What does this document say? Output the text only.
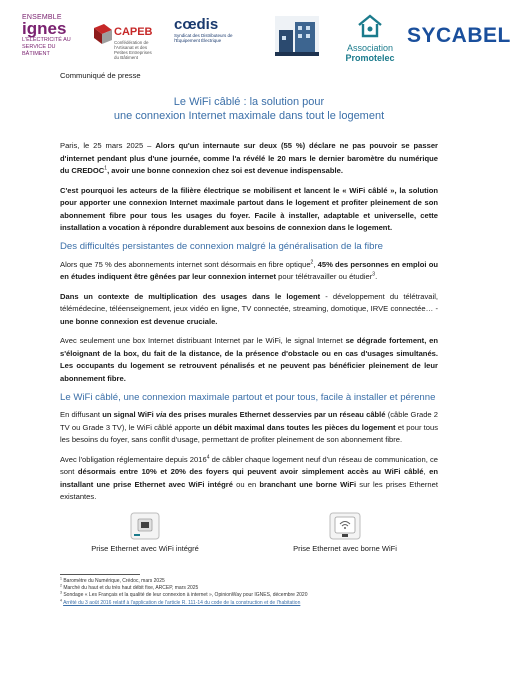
ENSEMBLE
ignes
L'ÉLECTRICITÉ AU SERVICE DU BÂTIMENT
CAPEB
Confédération de l'Artisanat et des Petites Entreprises du Bâtiment
cœdis
Syndicat des Distributeurs de l'Équipement Électrique
Association
Promotelec
SYCABEL
Communiqué de presse
Le WiFi câblé : la solution pour
une connexion Internet maximale dans tout le logement

Paris, le 25 mars 2025 – Alors qu'un internaute sur deux (55 %) déclare ne pas pouvoir se passer d'internet pendant plus d'une journée, comme l'a révélé le 20 mars le dernier baromètre du numérique du CREDOC$^1$, avoir une bonne connexion chez soi est devenue indispensable.

C'est pourquoi les acteurs de la filière électrique se mobilisent et lancent le « WiFi câblé », la solution pour apporter une connexion Internet maximale partout dans le logement et profiter pleinement de son abonnement fibre pour tous les usages du foyer. Facile à installer, adaptable et universelle, cette installation a vocation à répondre durablement aux besoins de connexion dans le logement.

Des difficultés persistantes de connexion malgré la généralisation de la fibre

Alors que 75 % des abonnements internet sont désormais en fibre optique$^2$, 45% des personnes en emploi ou en études indiquent être gênées par leur connexion internet pour télétravailler ou étudier$^3$.

Dans un contexte de multiplication des usages dans le logement - développement du télétravail, télémédecine, téléenseignement, jeux vidéo en ligne, TV connectée, streaming, domotique, IRVE connectée… - une bonne connexion est devenue cruciale.

Avec seulement une box Internet distribuant Internet par le WiFi, le signal Internet se dégrade fortement, en s'éloignant de la box, du fait de la distance, de la présence d'obstacle ou en cas d'usages simultanés. Les occupants du logement se retrouvent pénalisés et ne peuvent pas bénéficier pleinement de leur abonnement fibre.

Le WiFi câblé, une connexion maximale partout et pour tous, facile à installer et pérenne

En diffusant un signal WiFi via des prises murales Ethernet desservies par un réseau câblé (câble Grade 2 TV ou Grade 3 TV), le WiFi câblé apporte un débit maximal dans toutes les pièces du logement et pour tous les besoins du foyer, sans conflit d'usage, permettant de profiter pleinement de son abonnement fibre.

Avec l'obligation réglementaire depuis 2016$^4$ de câbler chaque logement neuf d'un réseau de communication, ce sont désormais entre 10% et 20% des foyers qui peuvent avoir simplement accès au WiFi câblé, en installant une prise Ethernet avec WiFi intégré ou en branchant une borne WiFi sur les prises Ethernet existantes.

Prise Ethernet avec WiFi intégré	Prise Ethernet avec borne WiFi
$^1$ Baromètre du Numérique, Crédoc, mars 2025
$^2$ Marché du haut et du très haut débit fixe, ARCEP, mars 2025
$^3$ Sondage « Les Français et la qualité de leur connexion à internet », OpinionWay pour IGNES, décembre 2020
$^4$ Arrêté du 3 août 2016 relatif à l'application de l'article R. 111-14 du code de la construction et de l'habitation
